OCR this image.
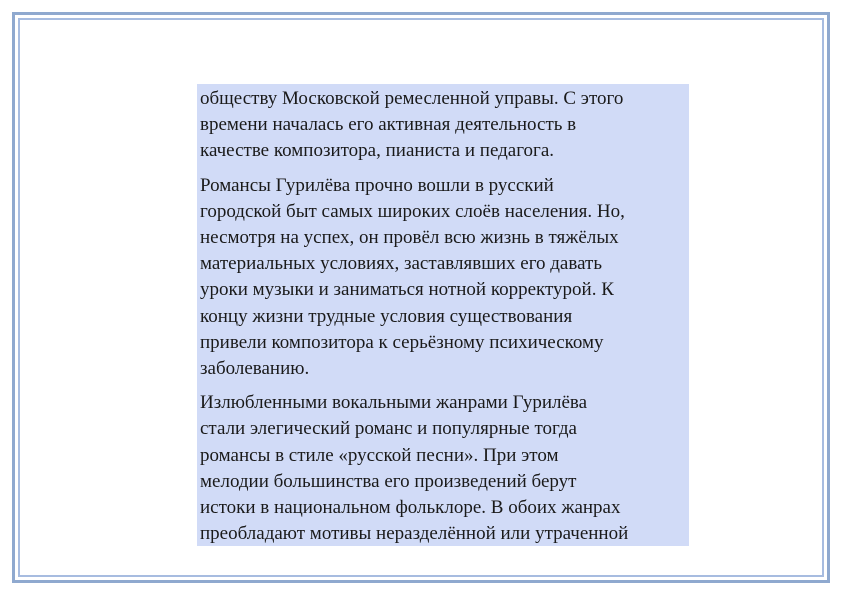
обществу Московской ремесленной управы. С этого
времени началась его активная деятельность в
качестве композитора, пианиста и педагога.

Романсы Гурилёва прочно вошли в русский
городской быт самых широких слоёв населения. Но,
несмотря на успех, он провёл всю жизнь в тяжёлых
материальных условиях, заставлявших его давать
уроки музыки и заниматься нотной корректурой. К
концу жизни трудные условия существования
привели композитора к серьёзному психическому
заболеванию.

Излюбленными вокальными жанрами Гурилёва
стали элегический романс и популярные тогда
романсы в стиле «русской песни». При этом
мелодии большинства его произведений берут
истоки в национальном фольклоре. В обоих жанрах
преобладают мотивы неразделённой или утраченной
